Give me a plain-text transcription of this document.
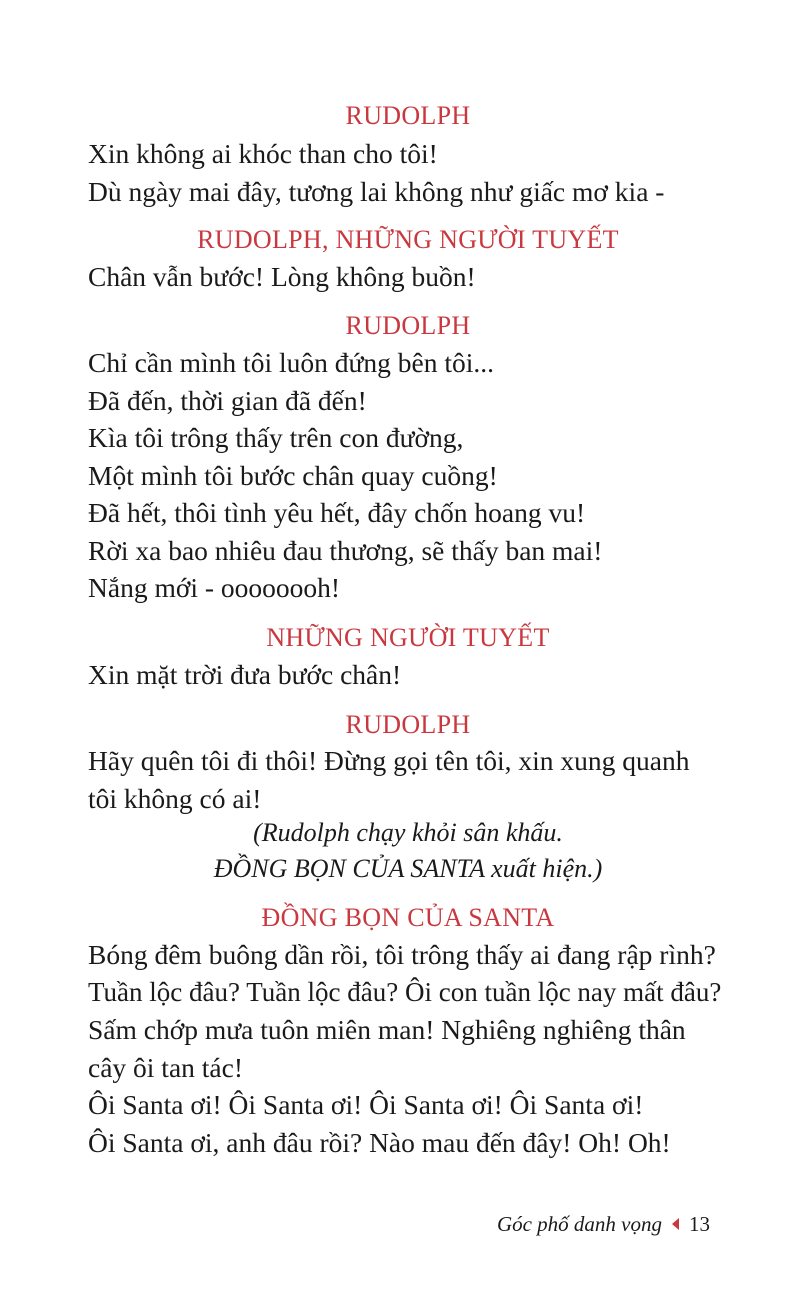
RUDOLPH
Xin không ai khóc than cho tôi!
Dù ngày mai đây, tương lai không như giấc mơ kia -
RUDOLPH, NHỮNG NGƯỜI TUYẾT
Chân vẫn bước! Lòng không buồn!
RUDOLPH
Chỉ cần mình tôi luôn đứng bên tôi...
Đã đến, thời gian đã đến!
Kìa tôi trông thấy trên con đường,
Một mình tôi bước chân quay cuồng!
Đã hết, thôi tình yêu hết, đây chốn hoang vu!
Rời xa bao nhiêu đau thương, sẽ thấy ban mai!
Nắng mới - oooooooh!
NHỮNG NGƯỜI TUYẾT
Xin mặt trời đưa bước chân!
RUDOLPH
Hãy quên tôi đi thôi! Đừng gọi tên tôi, xin xung quanh
tôi không có ai!
(Rudolph chạy khỏi sân khấu.
ĐỒNG BỌN CỦA SANTA xuất hiện.)
ĐỒNG BỌN CỦA SANTA
Bóng đêm buông dần rồi, tôi trông thấy ai đang rập rình?
Tuần lộc đâu? Tuần lộc đâu? Ôi con tuần lộc nay mất đâu?
Sấm chớp mưa tuôn miên man! Nghiêng nghiêng thân
cây ôi tan tác!
Ôi Santa ơi! Ôi Santa ơi! Ôi Santa ơi! Ôi Santa ơi!
Ôi Santa ơi, anh đâu rồi? Nào mau đến đây! Oh! Oh!
Góc phố danh vọng 13
